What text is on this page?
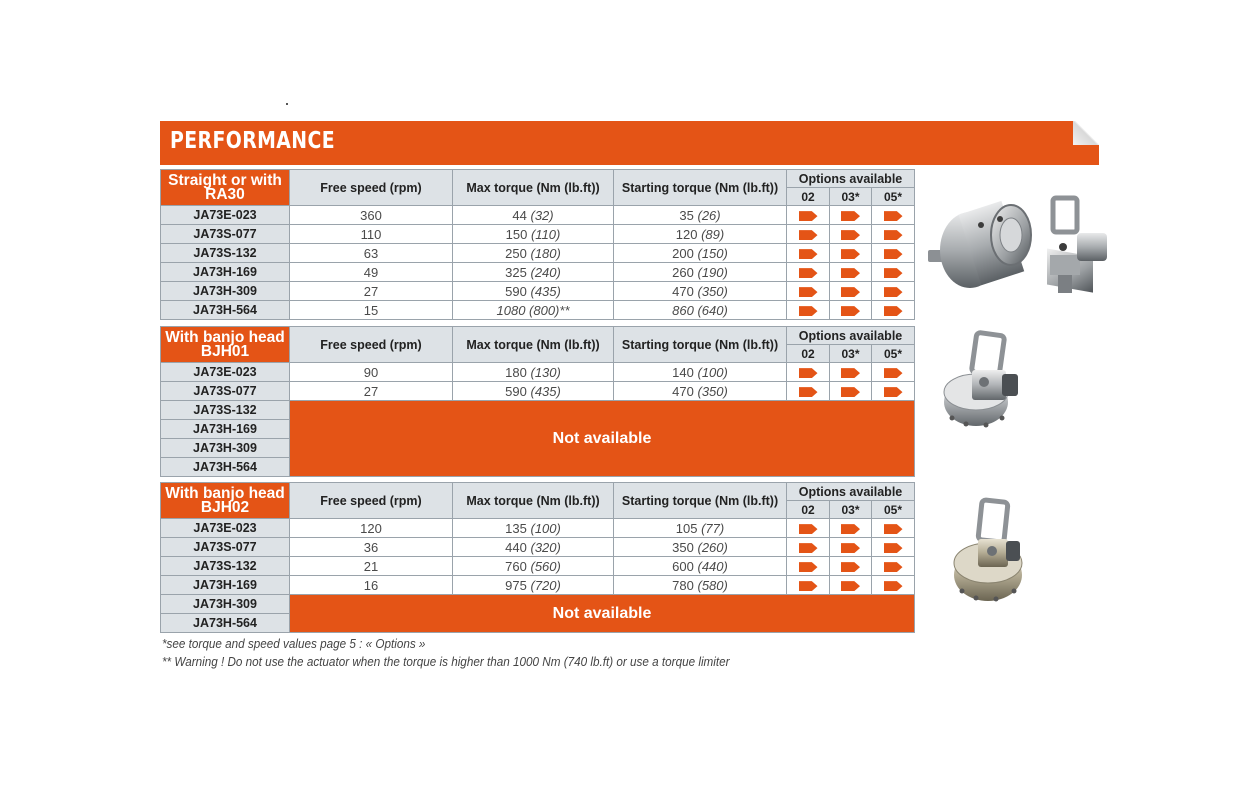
PERFORMANCE
Straight or with
RA30	Free speed (rpm)	Max torque (Nm (lb.ft))	Starting torque (Nm (lb.ft))	Options available		
				02	03*	05*
JA73E-023	360	44 (32)	35 (26)			
JA73S-077	110	150 (110)	120 (89)			
JA73S-132	63	250 (180)	200 (150)			
JA73H-169	49	325 (240)	260 (190)			
JA73H-309	27	590 (435)	470 (350)			
JA73H-564	15	1080 (800)**	860 (640)			
With banjo head
BJH01	Free speed (rpm)	Max torque (Nm (lb.ft))	Starting torque (Nm (lb.ft))	Options available		
				02	03*	05*
JA73E-023	90	180 (130)	140 (100)			
JA73S-077	27	590 (435)	470 (350)			
JA73S-132	Not available					
JA73H-169						
JA73H-309						
JA73H-564						
With banjo head
BJH02	Free speed (rpm)	Max torque (Nm (lb.ft))	Starting torque (Nm (lb.ft))	Options available		
				02	03*	05*
JA73E-023	120	135 (100)	105 (77)			
JA73S-077	36	440 (320)	350 (260)			
JA73S-132	21	760 (560)	600 (440)			
JA73H-169	16	975 (720)	780 (580)			
JA73H-309	Not available					
JA73H-564						
*see torque and speed values page 5 : « Options »
** Warning ! Do not use the actuator when the torque is higher than 1000 Nm (740 lb.ft) or use a torque limiter
